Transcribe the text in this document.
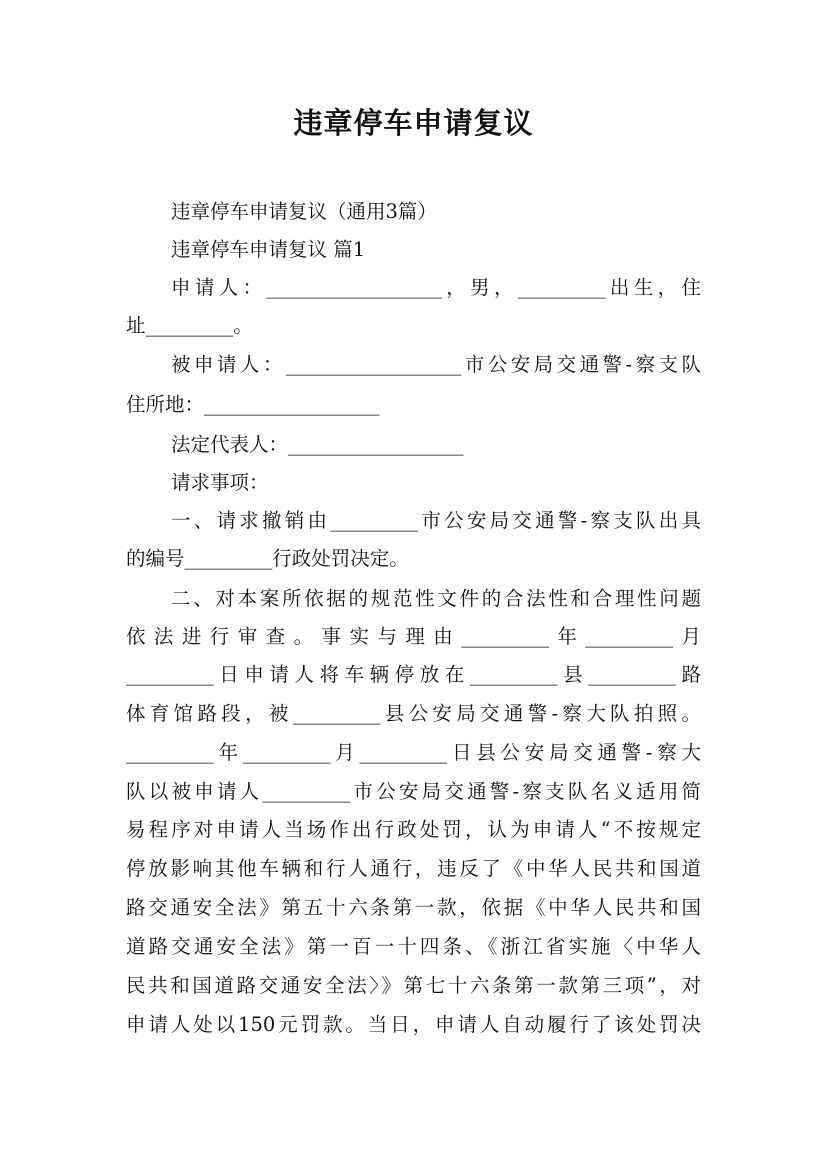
违章停车申请复议
违章停车申请复议（通用3篇）
违章停车申请复议 篇1
申请人：__________________，男，_________出生，住
址_________。
被申请人：__________________市公安局交通警-察支队
住所地：__________________
法定代表人：__________________
请求事项：
一、请求撤销由_________市公安局交通警-察支队出具
的编号_________行政处罚决定。
二、对本案所依据的规范性文件的合法性和合理性问题
依法进行审查。事实与理由_________年_________月
_________日申请人将车辆停放在_________县_________路
体育馆路段，被_________县公安局交通警-察大队拍照。
_________年_________月_________日县公安局交通警-察大
队以被申请人_________市公安局交通警-察支队名义适用简
易程序对申请人当场作出行政处罚，认为申请人“不按规定
停放影响其他车辆和行人通行，违反了《中华人民共和国道
路交通安全法》第五十六条第一款，依据《中华人民共和国
道路交通安全法》第一百一十四条、《浙江省实施〈中华人
民共和国道路交通安全法〉》第七十六条第一款第三项”，对
申请人处以150元罚款。当日，申请人自动履行了该处罚决
